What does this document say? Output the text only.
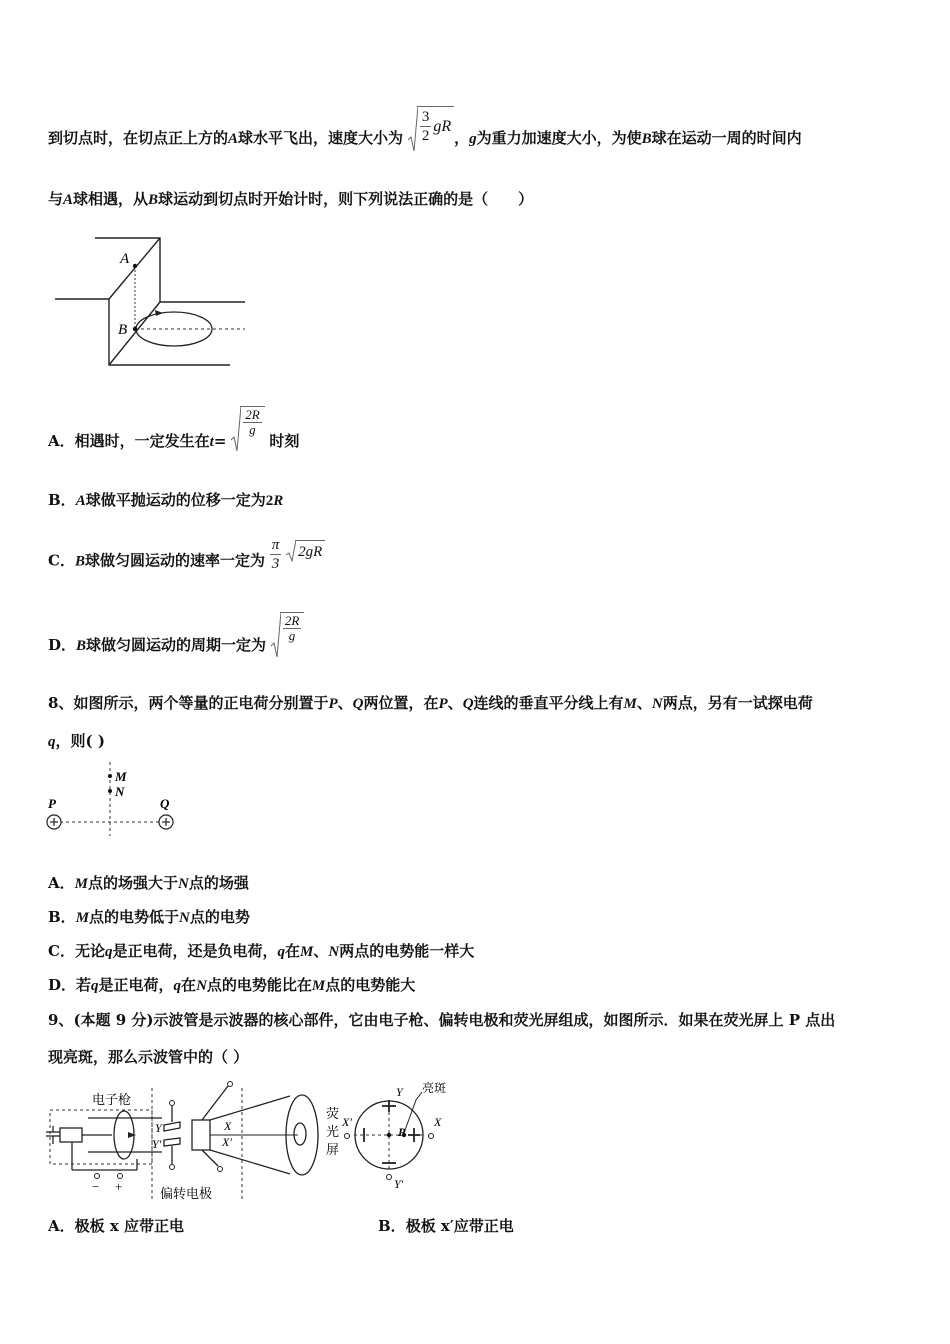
到切点时，在切点正上方的A球水平飞出，速度大小为 $\frac{3}{2}$ gR
，g为重力加速度大小，为使B球在运动一周的时间内
与A球相遇，从B球运动到切点时开始计时，则下列说法正确的是（　　）
A
B
A．相遇时，一定发生在t=
$\frac{2R}{g}$
时刻
B．A球做平抛运动的位移一定为2R
C．B球做匀圆运动的速率一定为 $\frac{\pi}{3}$
2gR
D．B球做匀圆运动的周期一定为
$\frac{2R}{g}$
8、如图所示，两个等量的正电荷分别置于P、Q两位置，在P、Q连线的垂直平分线上有M、N两点，另有一试探电荷
q，则( )
M
N
P	Q
A．M点的场强大于N点的场强
B．M点的电势低于N点的电势
C．无论q是正电荷，还是负电荷，q在M、N两点的电势能一样大
D．若q是正电荷，q在N点的电势能比在M点的电势能大
9、(本题 9 分)示波管是示波器的核心部件，它由电子枪、偏转电极和荧光屏组成，如图所示．如果在荧光屏上 P 点出
现亮斑，那么示波管中的（ ）
电子枪
− +
Y
Y′
X
X′
偏转电极
荧
光
屏
P
亮斑
Y
Y′
X′	X
A．极板 x 应带正电	B．极板 x′应带正电
